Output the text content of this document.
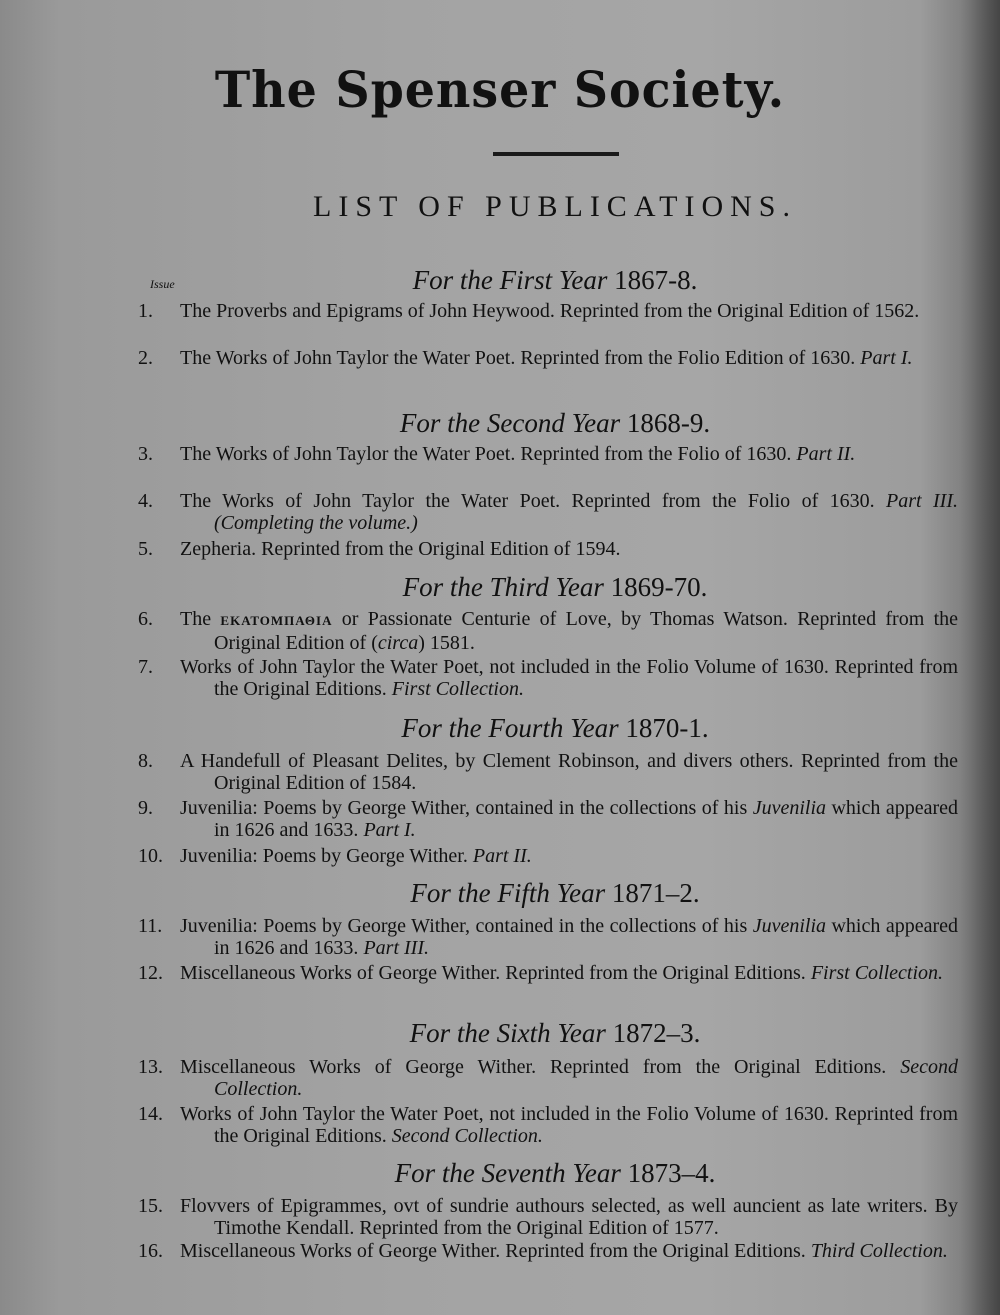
The Spenser Society.
LIST OF PUBLICATIONS.
Issue	For the First Year 1867-8.
1.	The Proverbs and Epigrams of John Heywood. Reprinted from the Original Edition of 1562.
2.	The Works of John Taylor the Water Poet. Reprinted from the Folio Edition of 1630. Part I.
For the Second Year 1868-9.
3.	The Works of John Taylor the Water Poet. Reprinted from the Folio of 1630. Part II.
4.	The Works of John Taylor the Water Poet. Reprinted from the Folio of 1630. Part III. (Completing the volume.)
5.	Zepheria. Reprinted from the Original Edition of 1594.
For the Third Year 1869-70.
6.	The ΕΚΑΤΟΜΠΑΘΙΑ or Passionate Centurie of Love, by Thomas Watson. Reprinted from the Original Edition of (circa) 1581.
7.	Works of John Taylor the Water Poet, not included in the Folio Volume of 1630. Reprinted from the Original Editions. First Collection.
For the Fourth Year 1870-1.
8.	A Handefull of Pleasant Delites, by Clement Robinson, and divers others. Reprinted from the Original Edition of 1584.
9.	Juvenilia: Poems by George Wither, contained in the collections of his Juvenilia which appeared in 1626 and 1633. Part I.
10. Juvenilia: Poems by George Wither. Part II.
For the Fifth Year 1871–2.
11. Juvenilia: Poems by George Wither, contained in the collections of his Juvenilia which appeared in 1626 and 1633. Part III.
12. Miscellaneous Works of George Wither. Reprinted from the Original Editions. First Collection.
For the Sixth Year 1872–3.
13. Miscellaneous Works of George Wither. Reprinted from the Original Editions. Second Collection.
14. Works of John Taylor the Water Poet, not included in the Folio Volume of 1630. Reprinted from the Original Editions. Second Collection.
For the Seventh Year 1873–4.
15. Flovvers of Epigrammes, ovt of sundrie authours selected, as well auncient as late writers. By Timothe Kendall. Reprinted from the Original Edition of 1577.
16. Miscellaneous Works of George Wither. Reprinted from the Original Editions. Third Collection.
